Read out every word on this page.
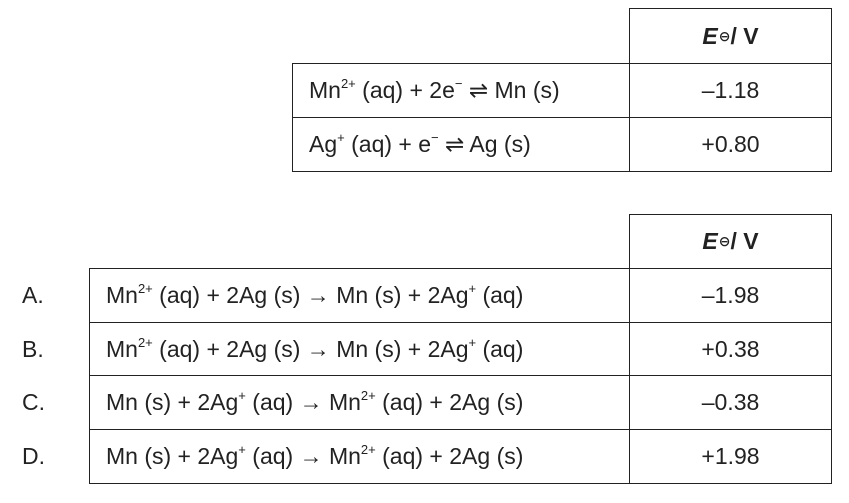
E ⊖ / V
$Mn^{2+}$ (aq) + 2e− ⇌ Mn (s)	–1.18
Ag+ (aq) + e− ⇌ Ag (s)	+0.80
E ⊖ / V
A.	$Mn^{2+}$ (aq) + 2Ag (s) → Mn (s) + 2Ag+ (aq)	–1.98
B.	$Mn^{2+}$ (aq) + 2Ag (s) → Mn (s) + 2Ag+ (aq)	+0.38
C.	Mn (s) + 2Ag+ $(aq) \to Mn^{2+}$ (aq) + 2Ag (s)	–0.38
D.	Mn (s) + 2Ag+ $(aq) \to Mn^{2+}$ (aq) + 2Ag (s)	+1.98
